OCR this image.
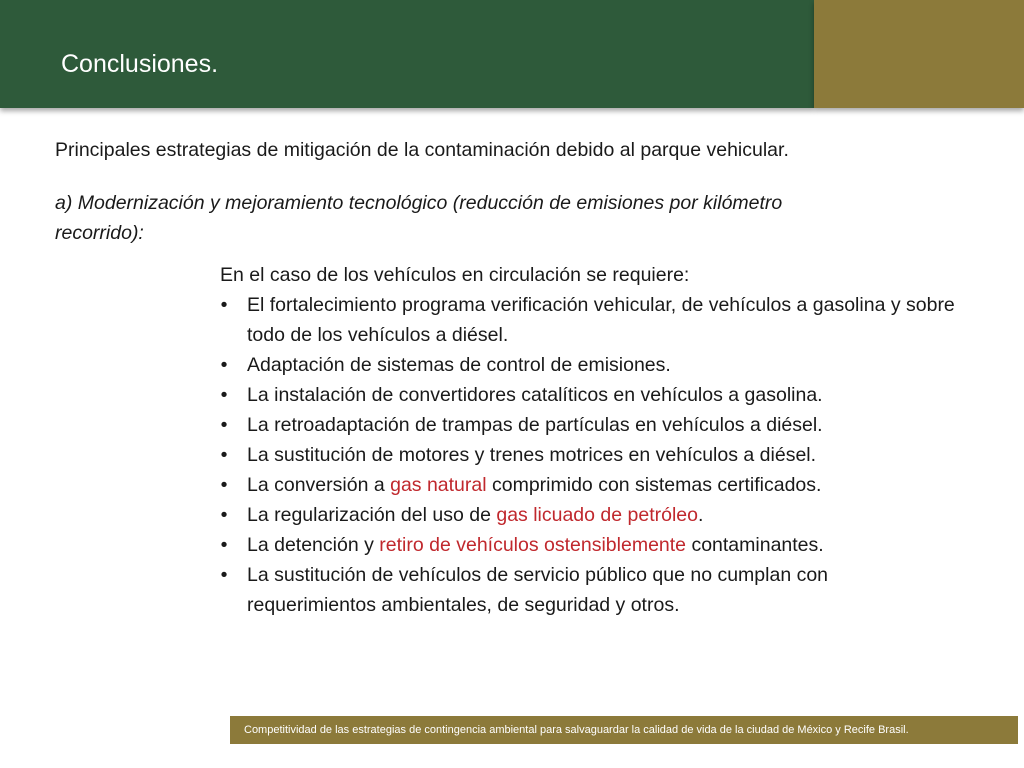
Conclusiones.

Principales estrategias de mitigación de la contaminación debido al parque vehicular.

a) Modernización y mejoramiento tecnológico (reducción de emisiones por kilómetro recorrido):

En el caso de los vehículos en circulación se requiere:

•	El fortalecimiento programa verificación vehicular, de vehículos a gasolina y sobre todo de los vehículos a diésel.
•	Adaptación de sistemas de control de emisiones.
•	La instalación de convertidores catalíticos en vehículos a gasolina.
•	La retroadaptación de trampas de partículas en vehículos a diésel.
•	La sustitución de motores y trenes motrices en vehículos a diésel.
•	La conversión a gas natural comprimido con sistemas certificados.
•	La regularización del uso de gas licuado de petróleo.
•	La detención y retiro de vehículos ostensiblemente contaminantes.
•	La sustitución de vehículos de servicio público que no cumplan con requerimientos ambientales, de seguridad y otros.
Competitividad de las estrategias de contingencia ambiental para salvaguardar la calidad de vida de la ciudad de México y Recife Brasil.
